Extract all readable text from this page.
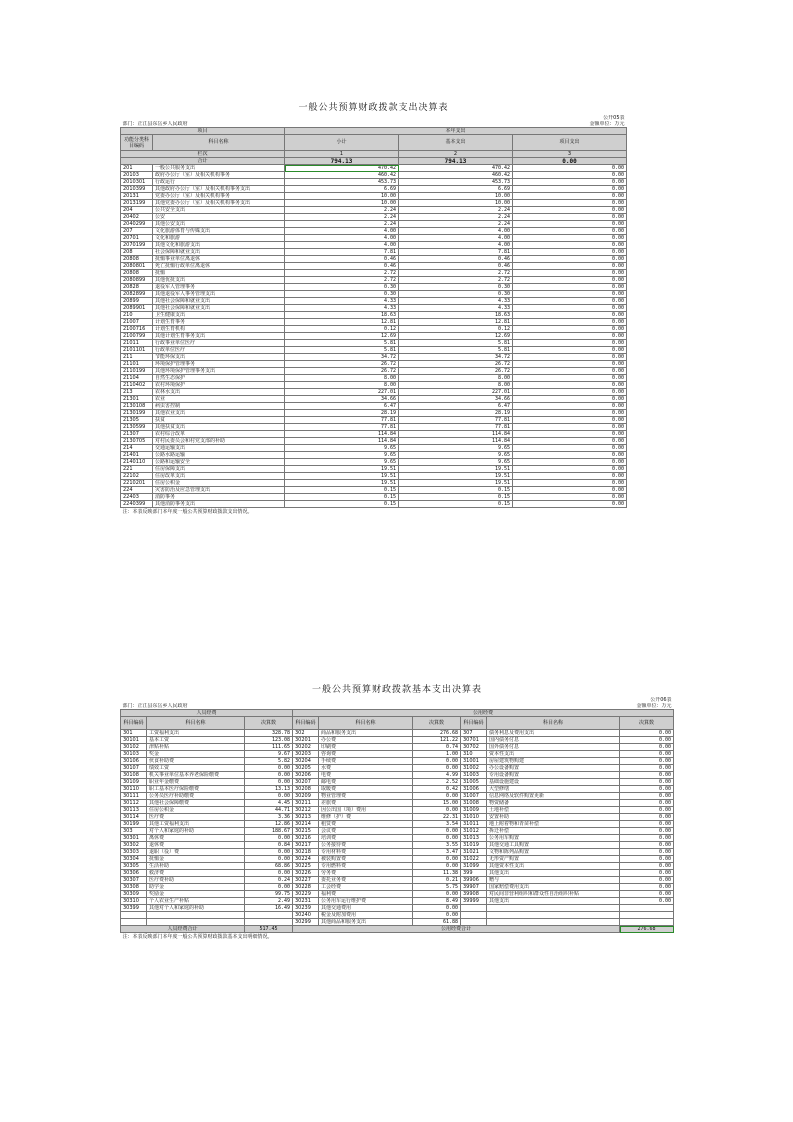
一般公共预算财政拨款支出决算表				
				公开05表
部门：正江县东岳乡人民政府				金额单位：万元
项目		本年支出		
功能分类科目编码	科目名称	小计	基本支出	项目支出
栏次		1	2	3
合计		794.13	794.13	0.00
201	一般公共服务支出	470.42	470.42	0.00
20103	政府办公厅（室）及相关机构事务	460.42	460.42	0.00
2010301	行政运行	453.73	453.73	0.00
2010399	其他政府办公厅（室）及相关机构事务支出	6.69	6.69	0.00
20131	党委办公厅（室）及相关机构事务	10.00	10.00	0.00
2013199	其他党委办公厅（室）及相关机构事务支出	10.00	10.00	0.00
204	公共安全支出	2.24	2.24	0.00
20402	公安	2.24	2.24	0.00
2040299	其他公安支出	2.24	2.24	0.00
207	文化旅游体育与传媒支出	4.00	4.00	0.00
20701	文化和旅游	4.00	4.00	0.00
2070199	其他文化和旅游支出	4.00	4.00	0.00
208	社会保障和就业支出	7.81	7.81	0.00
20808	抚恤事业单位离退休	0.46	0.46	0.00
2080801	死亡抚恤行政单位离退休	0.46	0.46	0.00
20808	抚恤	2.72	2.72	0.00
2080899	其他优抚支出	2.72	2.72	0.00
20828	退役军人管理事务	0.30	0.30	0.00
2082899	其他退役军人事务管理支出	0.30	0.30	0.00
20899	其他社会保障和就业支出	4.33	4.33	0.00
2089901	其他社会保障和就业支出	4.33	4.33	0.00
210	卫生健康支出	18.63	18.63	0.00
21007	计划生育事务	12.81	12.81	0.00
2100716	计划生育机构	0.12	0.12	0.00
2100799	其他计划生育事务支出	12.69	12.69	0.00
21011	行政事业单位医疗	5.81	5.81	0.00
2101101	行政单位医疗	5.81	5.81	0.00
211	节能环保支出	34.72	34.72	0.00
21101	环境保护管理事务	26.72	26.72	0.00
2110199	其他环境保护管理事务支出	26.72	26.72	0.00
21104	自然生态保护	8.00	8.00	0.00
2110402	农村环境保护	8.00	8.00	0.00
213	农林水支出	227.01	227.01	0.00
21301	农业	34.66	34.66	0.00
2130108	病虫害控制	6.47	6.47	0.00
2130199	其他农业支出	28.19	28.19	0.00
21305	扶贫	77.81	77.81	0.00
2130599	其他扶贫支出	77.81	77.81	0.00
21307	农村综合改革	114.84	114.84	0.00
2130705	对村民委员会和村党支部的补助	114.84	114.84	0.00
214	交通运输支出	9.65	9.65	0.00
21401	公路水路运输	9.65	9.65	0.00
2140110	公路和运输安全	9.65	9.65	0.00
221	住房保障支出	19.51	19.51	0.00
22102	住房改革支出	19.51	19.51	0.00
2210201	住房公积金	19.51	19.51	0.00
224	灾害防治及应急管理支出	0.15	0.15	0.00
22403	消防事务	0.15	0.15	0.00
2240399	其他消防事务支出	0.15	0.15	0.00
注：本表反映部门本年度一般公共预算财政拨款支出情况。				
一般公共预算财政拨款基本支出决算表								
								公开06表
部门：正江县东岳乡人民政府								金额单位：万元
人员经费			公用经费					
科目编码	科目名称	决算数	科目编码	科目名称	决算数	科目编码	科目名称	决算数
301	工资福利支出	328.78	302	商品和服务支出	276.68	307	债务利息及费用支出	0.00
30101	基本工资	123.08	30201	办公费	121.22	30701	国内债务付息	0.00
30102	津贴补贴	111.65	30202	印刷费	0.74	30702	国外债务付息	0.00
30103	奖金	9.67	30203	咨询费	1.00	310	资本性支出	0.00
30106	伙食补助费	5.82	30204	手续费	0.00	31001	房屋建筑物购建	0.00
30107	绩效工资	0.00	30205	水费	0.00	31002	办公设备购置	0.00
30108	机关事业单位基本养老保险缴费	0.00	30206	电费	4.99	31003	专用设备购置	0.00
30109	职业年金缴费	0.00	30207	邮电费	2.52	31005	基础设施建设	0.00
30110	职工基本医疗保险缴费	13.13	30208	取暖费	0.42	31006	大型修缮	0.00
30111	公务员医疗补助缴费	0.00	30209	物业管理费	0.00	31007	信息网络及软件购置更新	0.00
30112	其他社会保障缴费	4.45	30211	差旅费	15.00	31008	物资储备	0.00
30113	住房公积金	44.71	30212	因公出国（境）费用	0.00	31009	土地补偿	0.00
30114	医疗费	3.36	30213	维修（护）费	22.31	31010	安置补助	0.00
30199	其他工资福利支出	12.86	30214	租赁费	3.54	31011	地上附着物和青苗补偿	0.00
303	对个人和家庭的补助	188.67	30215	会议费	0.00	31012	拆迁补偿	0.00
30301	离休费	0.00	30216	培训费	0.00	31013	公务用车购置	0.00
30302	退休费	0.84	30217	公务接待费	3.55	31019	其他交通工具购置	0.00
30303	退职（役）费	0.00	30218	专用材料费	3.47	31021	文物和陈列品购置	0.00
30304	抚恤金	0.00	30224	被装购置费	0.00	31022	无形资产购置	0.00
30305	生活补助	68.86	30225	专用燃料费	0.00	31099	其他资本性支出	0.00
30306	救济费	0.00	30226	劳务费	11.38	399	其他支出	0.00
30307	医疗费补助	0.24	30227	委托业务费	0.21	39906	赠与	0.00
30308	助学金	0.00	30228	工会经费	5.75	39907	国家赔偿费用支出	0.00
30309	奖励金	99.75	30229	福利费	0.00	39908	对民间非营利组织和群众性自治组织补贴	0.00
30310	个人农业生产补贴	2.49	30231	公务用车运行维护费	8.49	39999	其他支出	0.00
30399	其他对个人和家庭的补助	16.49	30239	其他交通费用	0.00			
			30240	税金及附加费用	0.00			
			30299	其他商品和服务支出	61.88			
人员经费合计		517.45	公用经费合计					276.68
注：本表反映部门本年度一般公共预算财政拨款基本支出明细情况。								
